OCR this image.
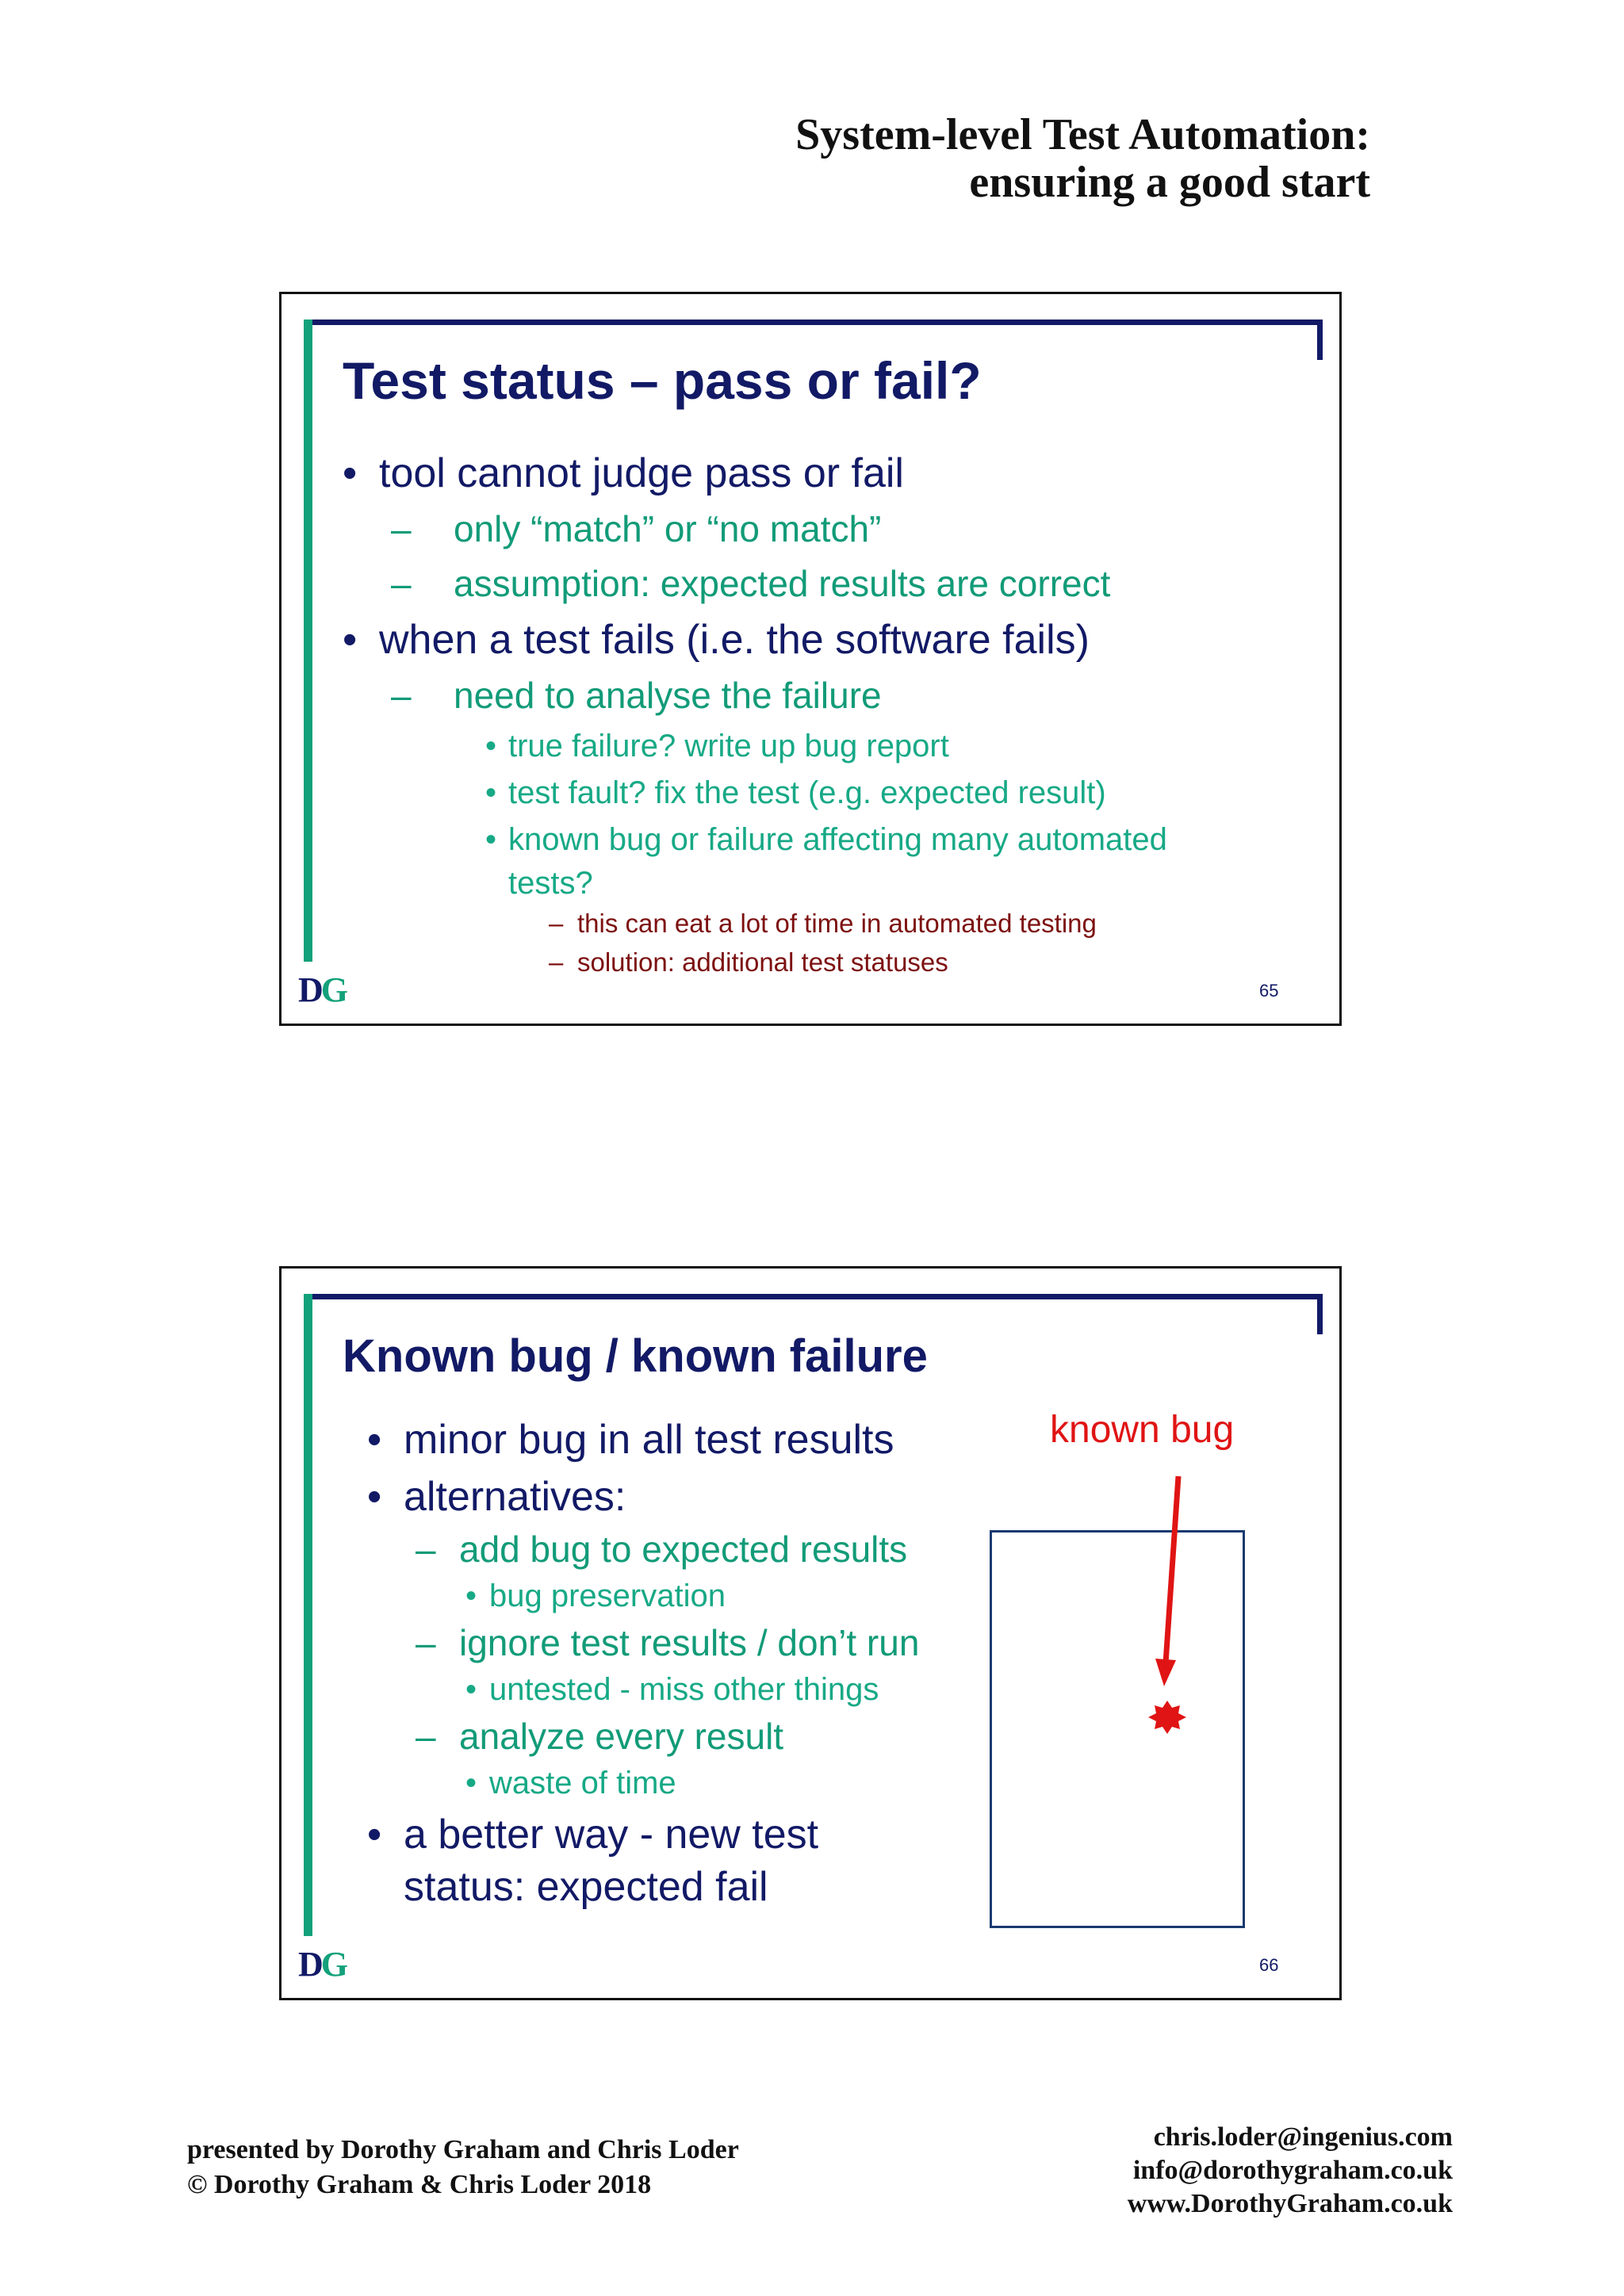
System-level Test Automation:
ensuring a good start
Test status – pass or fail?
• tool cannot judge pass or fail
– only “match” or “no match”
– assumption: expected results are correct
• when a test fails (i.e. the software fails)
– need to analyse the failure
• true failure? write up bug report
• test fault? fix the test (e.g. expected result)
• known bug or failure affecting many automated
tests?
– this can eat a lot of time in automated testing
– solution: additional test statuses
DG	65
Known bug / known failure
• minor bug in all test results
• alternatives:
– add bug to expected results
• bug preservation
– ignore test results / don’t run
• untested - miss other things
– analyze every result
• waste of time
• a better way - new test
status: expected fail
known bug
DG	66
presented by Dorothy Graham and Chris Loder
© Dorothy Graham & Chris Loder 2018
chris.loder@ingenius.com
info@dorothygraham.co.uk
www.DorothyGraham.co.uk
